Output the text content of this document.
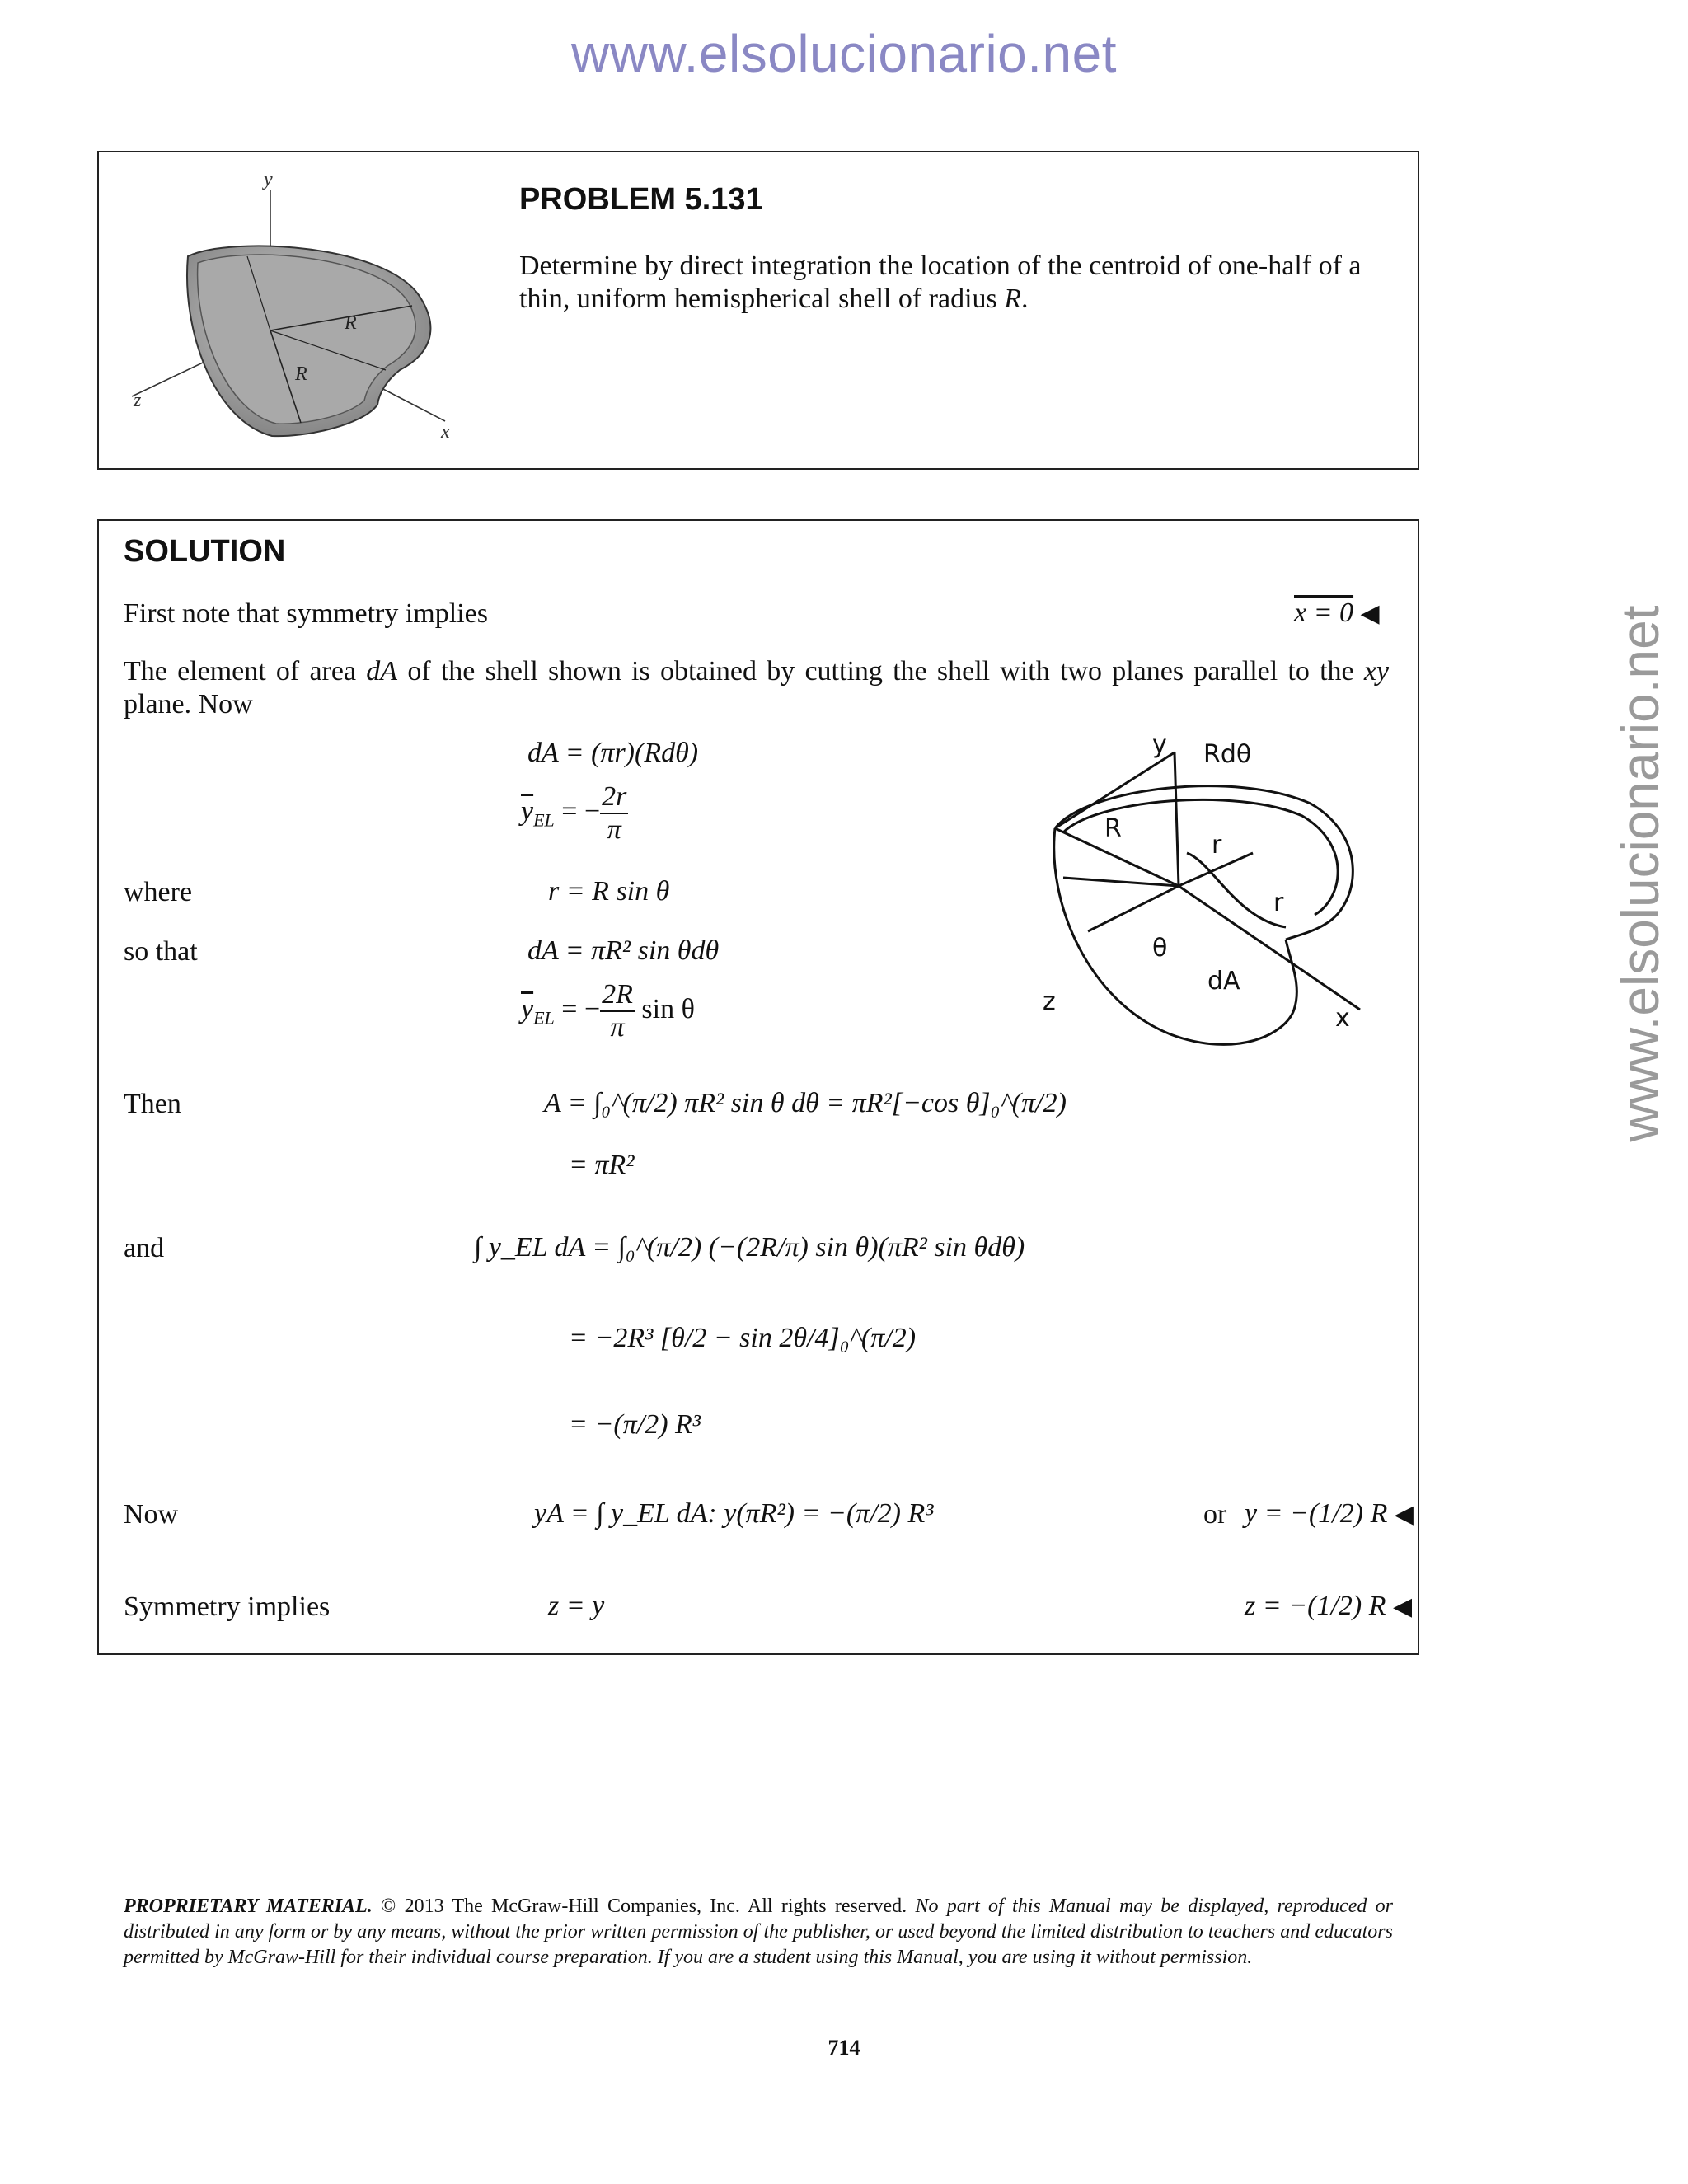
www.elsolucionario.net
www.elsolucionario.net
y
z
x
R
R
PROBLEM 5.131
Determine by direct integration the location of the centroid of one-half of a thin, uniform hemispherical shell of radius R.
SOLUTION
First note that symmetry implies	x = 0 ◀
The element of area dA of the shell shown is obtained by cutting the shell with two planes parallel to the xy plane. Now
dA = (πr)(Rdθ)
$\overline{y}_{EL}$ = − $\frac{2r}{\pi}$
where	r = R sin θ
so that	dA = πR² sin θdθ
$\overline{y}_{EL}$ = − $\frac{2R}{\pi}$ sin θ
Then	A = ∫₀^(π/2) πR² sin θ dθ = πR²[−cos θ]₀^(π/2)
= πR²
and	∫ y_EL dA = ∫₀^(π/2) (−(2R/π) sin θ)(πR² sin θdθ)
= −2R³ [θ/2 − sin 2θ/4]₀^(π/2)
= −(π/2) R³
Now	yA = ∫ y_EL dA: y(πR²) = −(π/2) R³	or y = −(1/2) R ◀
Symmetry implies	z = y	z = −(1/2) R ◀
y Rdθ
R
r
r
θ
dA
z
x
PROPRIETARY MATERIAL. © 2013 The McGraw-Hill Companies, Inc. All rights reserved. No part of this Manual may be displayed, reproduced or distributed in any form or by any means, without the prior written permission of the publisher, or used beyond the limited distribution to teachers and educators permitted by McGraw-Hill for their individual course preparation. If you are a student using this Manual, you are using it without permission.
714
